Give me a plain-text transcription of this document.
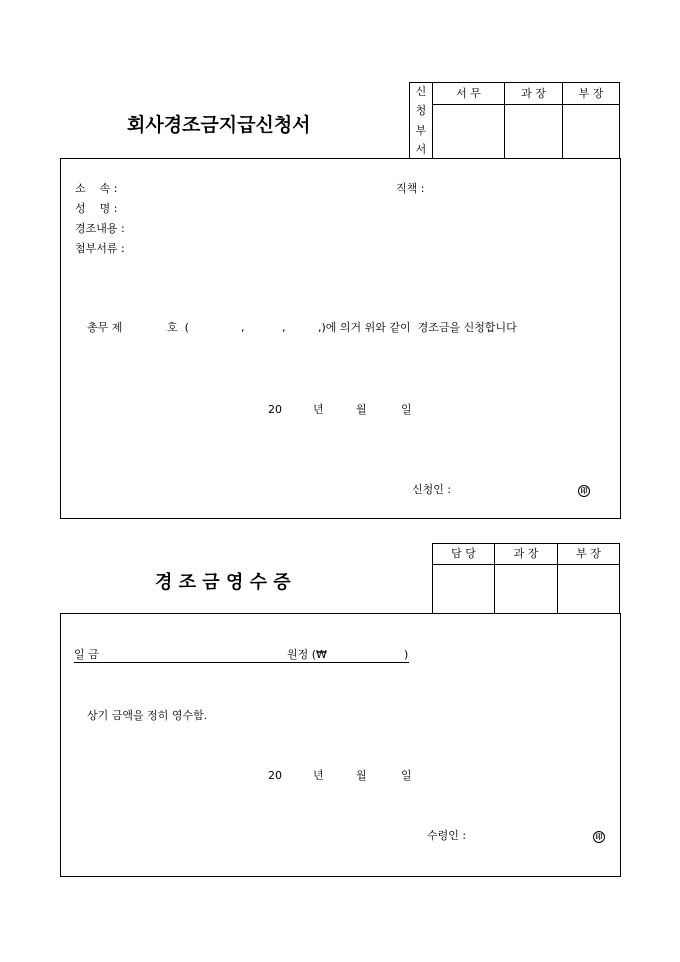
회사경조금지급신청서
신
청
부
서
서 무	과 장	부 장
소    속 :	직책 :
성    명 :
경조내용 :
첨부서류 :
총무 제	호  (	,	,	,)에 의거 위와 같이  경조금을 신청합니다
20	년	월	일
신청인 :	印
경 조 금 영 수 증
담 당	과 장	부 장
일 금	원정 (₩	)
상기 금액을 정히 영수함.
20	년	월	일
수령인 :	印
